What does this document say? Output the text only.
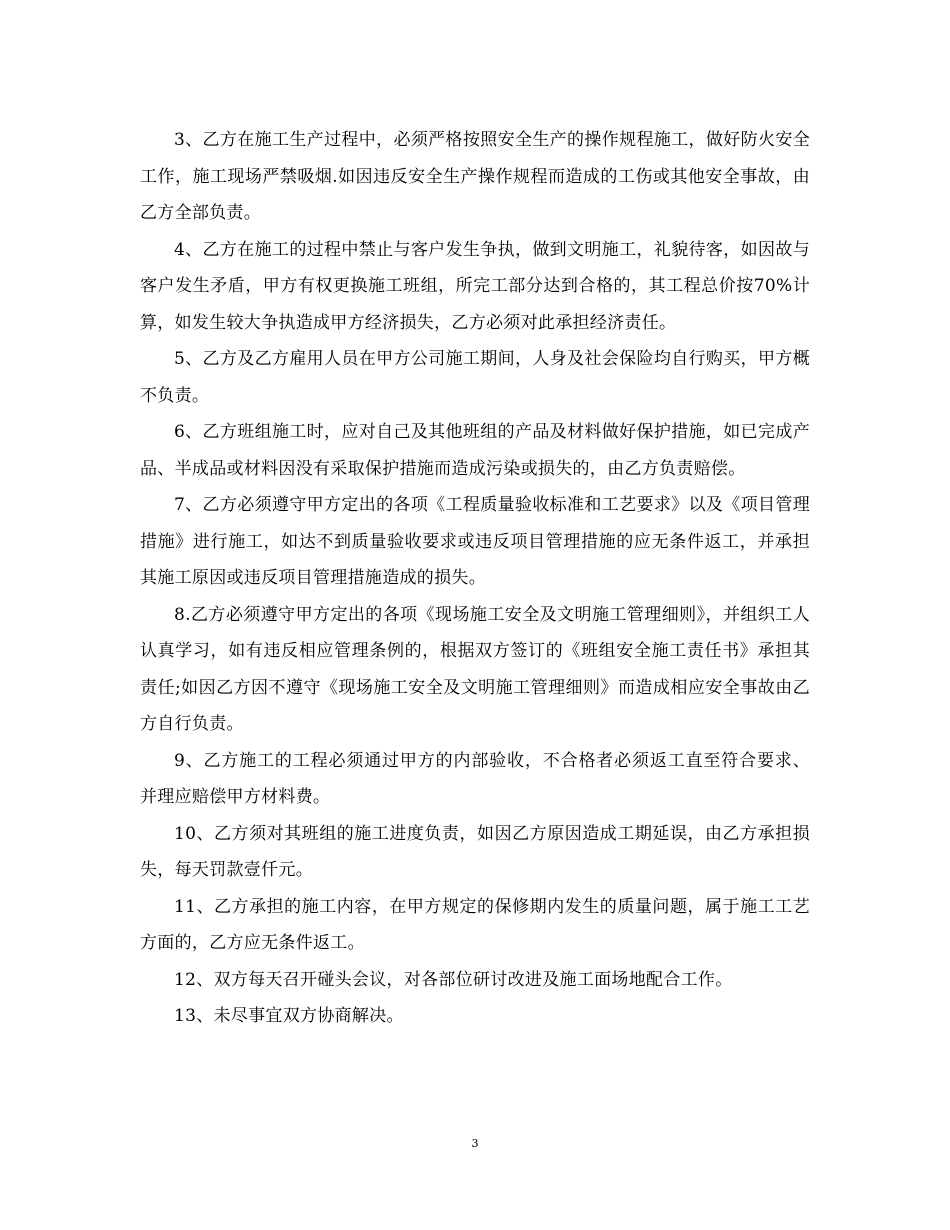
3、乙方在施工生产过程中，必须严格按照安全生产的操作规程施工，做好防火安全工作，施工现场严禁吸烟.如因违反安全生产操作规程而造成的工伤或其他安全事故，由乙方全部负责。

4、乙方在施工的过程中禁止与客户发生争执，做到文明施工，礼貌待客，如因故与客户发生矛盾，甲方有权更换施工班组，所完工部分达到合格的，其工程总价按70%计算，如发生较大争执造成甲方经济损失，乙方必须对此承担经济责任。

5、乙方及乙方雇用人员在甲方公司施工期间，人身及社会保险均自行购买，甲方概不负责。

6、乙方班组施工时，应对自己及其他班组的产品及材料做好保护措施，如已完成产品、半成品或材料因没有采取保护措施而造成污染或损失的，由乙方负责赔偿。

7、乙方必须遵守甲方定出的各项《工程质量验收标准和工艺要求》以及《项目管理措施》进行施工，如达不到质量验收要求或违反项目管理措施的应无条件返工，并承担其施工原因或违反项目管理措施造成的损失。

8.乙方必须遵守甲方定出的各项《现场施工安全及文明施工管理细则》，并组织工人认真学习，如有违反相应管理条例的，根据双方签订的《班组安全施工责任书》承担其责任;如因乙方因不遵守《现场施工安全及文明施工管理细则》而造成相应安全事故由乙方自行负责。

9、乙方施工的工程必须通过甲方的内部验收，不合格者必须返工直至符合要求、 并理应赔偿甲方材料费。

10、乙方须对其班组的施工进度负责，如因乙方原因造成工期延误，由乙方承担损失，每天罚款壹仟元。

11、乙方承担的施工内容，在甲方规定的保修期内发生的质量问题，属于施工工艺方面的，乙方应无条件返工。

12、双方每天召开碰头会议，对各部位研讨改进及施工面场地配合工作。

13、未尽事宜双方协商解决。

3
